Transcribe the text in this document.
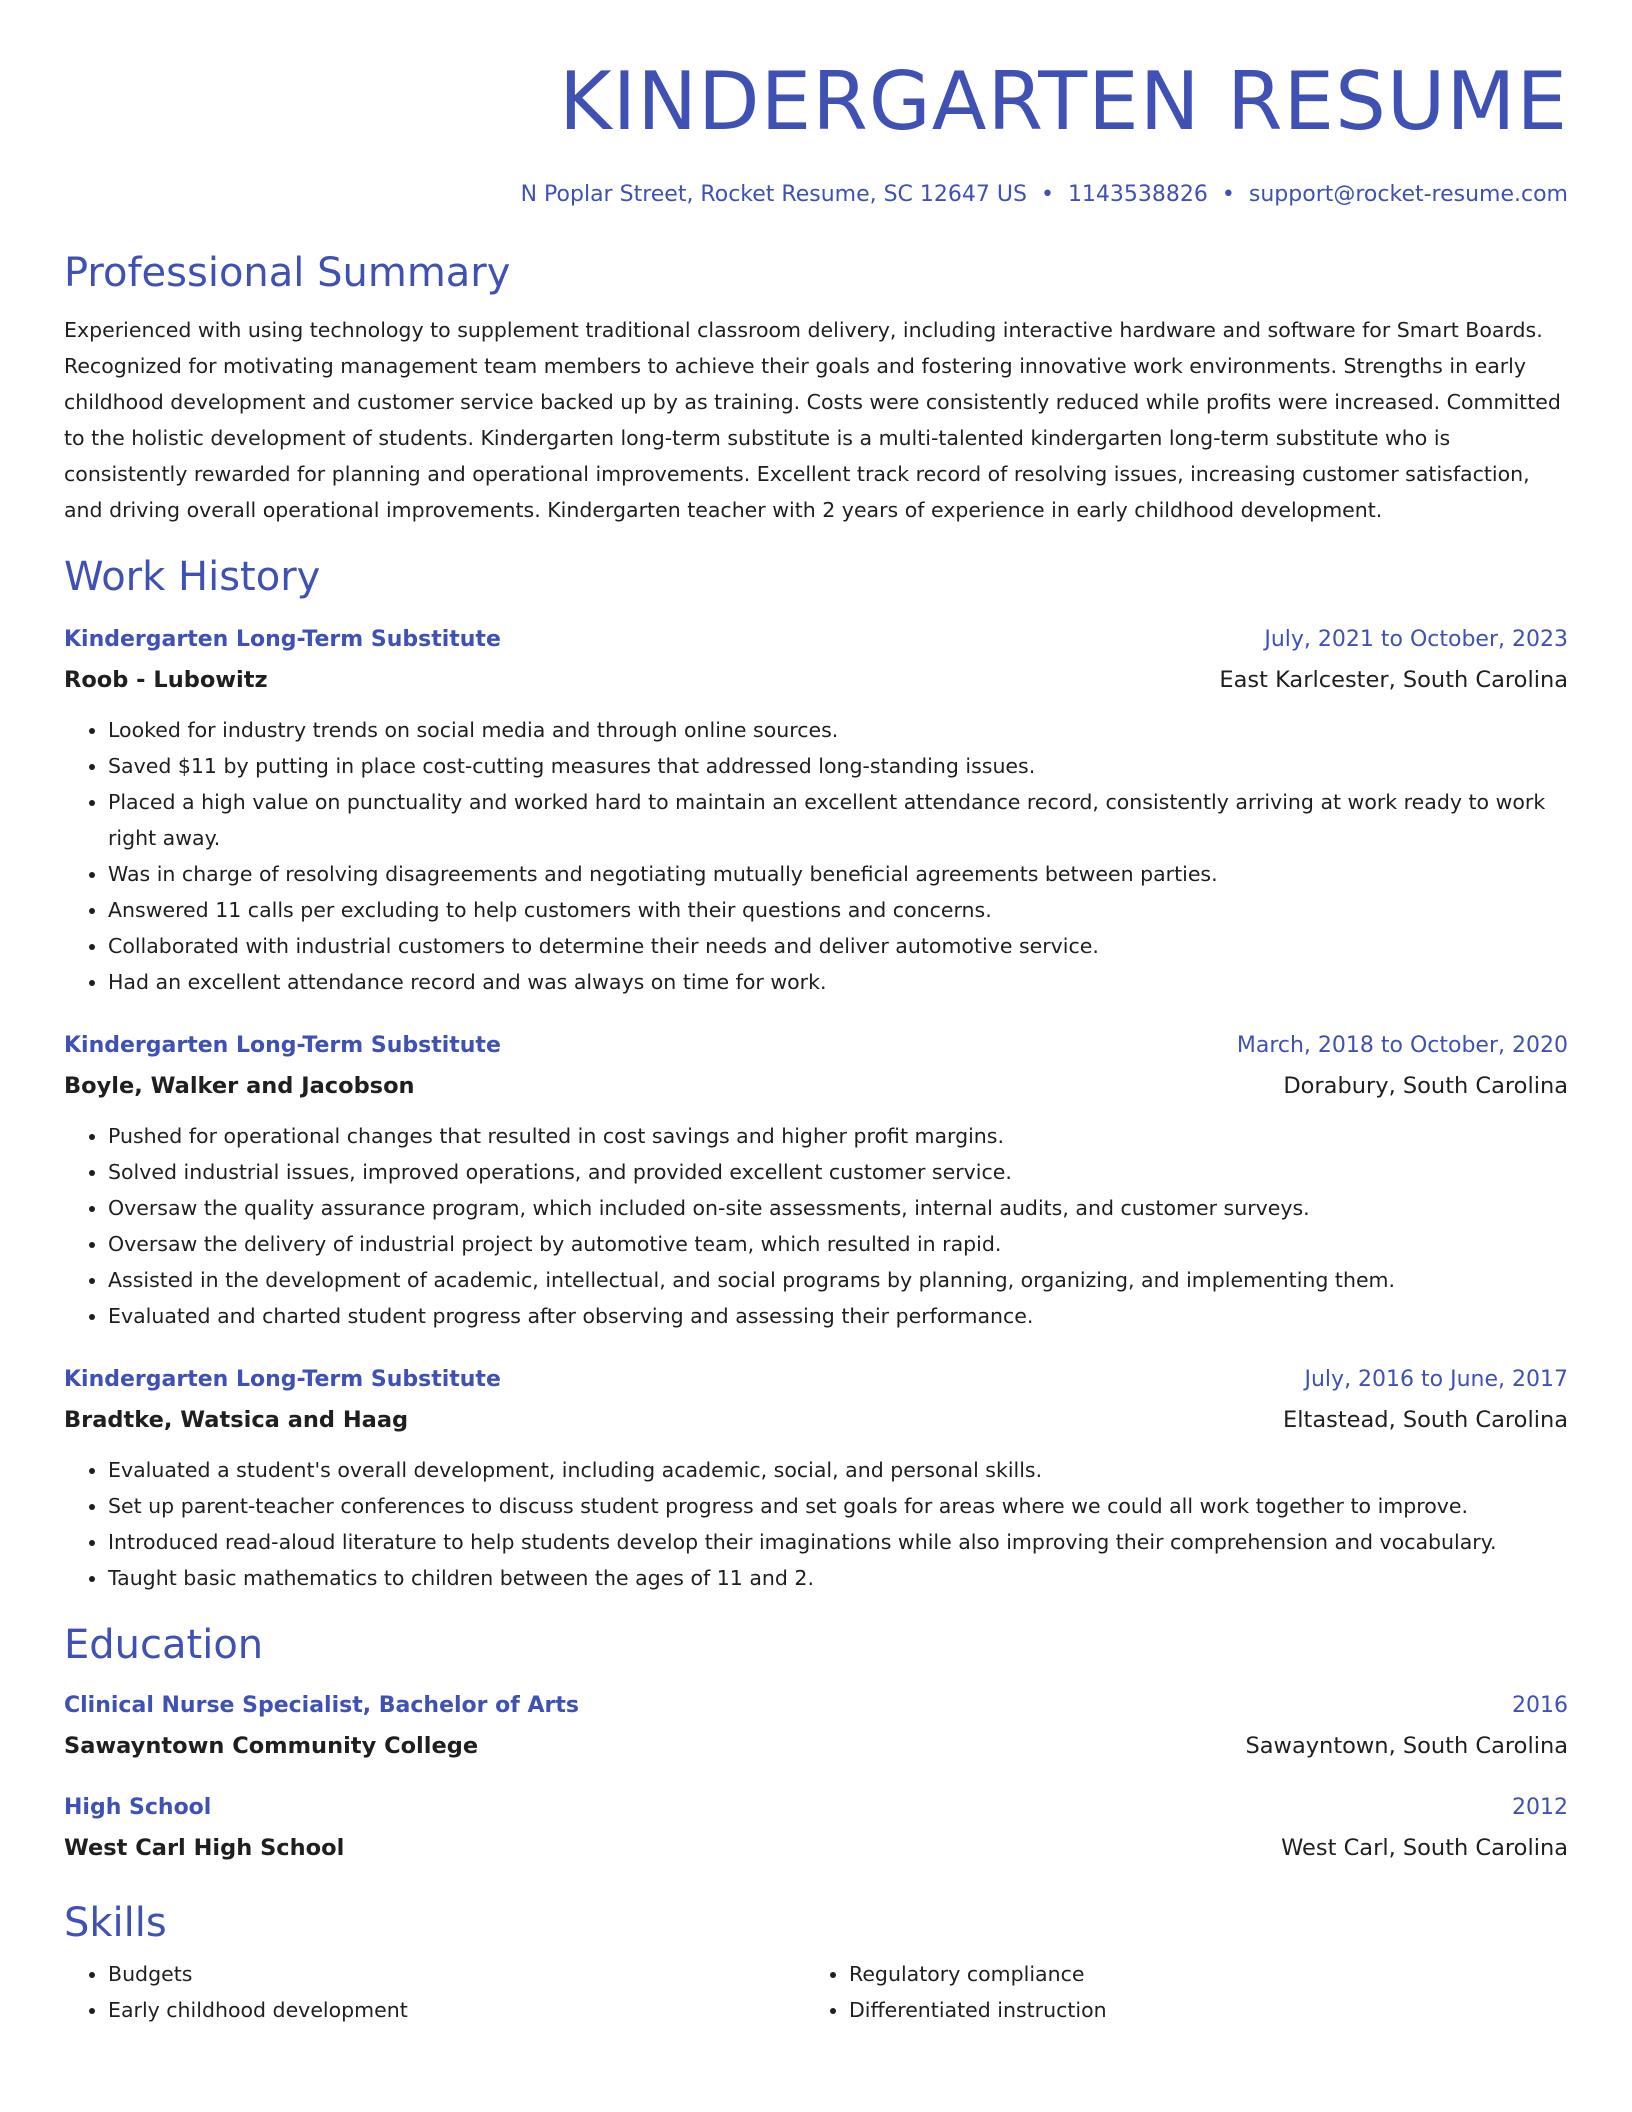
KINDERGARTEN RESUME
N Poplar Street, Rocket Resume, SC 12647 US • 1143538826 • support@rocket-resume.com
Professional Summary
Experienced with using technology to supplement traditional classroom delivery, including interactive hardware and software for Smart Boards. Recognized for motivating management team members to achieve their goals and fostering innovative work environments. Strengths in early childhood development and customer service backed up by as training. Costs were consistently reduced while profits were increased. Committed to the holistic development of students. Kindergarten long-term substitute is a multi-talented kindergarten long-term substitute who is consistently rewarded for planning and operational improvements. Excellent track record of resolving issues, increasing customer satisfaction, and driving overall operational improvements. Kindergarten teacher with 2 years of experience in early childhood development.
Work History
Kindergarten Long-Term Substitute	July, 2021 to October, 2023
Roob - Lubowitz	East Karlcester, South Carolina
• Looked for industry trends on social media and through online sources.
• Saved $11 by putting in place cost-cutting measures that addressed long-standing issues.
• Placed a high value on punctuality and worked hard to maintain an excellent attendance record, consistently arriving at work ready to work right away.
• Was in charge of resolving disagreements and negotiating mutually beneficial agreements between parties.
• Answered 11 calls per excluding to help customers with their questions and concerns.
• Collaborated with industrial customers to determine their needs and deliver automotive service.
• Had an excellent attendance record and was always on time for work.
Kindergarten Long-Term Substitute	March, 2018 to October, 2020
Boyle, Walker and Jacobson	Dorabury, South Carolina
• Pushed for operational changes that resulted in cost savings and higher profit margins.
• Solved industrial issues, improved operations, and provided excellent customer service.
• Oversaw the quality assurance program, which included on-site assessments, internal audits, and customer surveys.
• Oversaw the delivery of industrial project by automotive team, which resulted in rapid.
• Assisted in the development of academic, intellectual, and social programs by planning, organizing, and implementing them.
• Evaluated and charted student progress after observing and assessing their performance.
Kindergarten Long-Term Substitute	July, 2016 to June, 2017
Bradtke, Watsica and Haag	Eltastead, South Carolina
• Evaluated a student's overall development, including academic, social, and personal skills.
• Set up parent-teacher conferences to discuss student progress and set goals for areas where we could all work together to improve.
• Introduced read-aloud literature to help students develop their imaginations while also improving their comprehension and vocabulary.
• Taught basic mathematics to children between the ages of 11 and 2.
Education
Clinical Nurse Specialist, Bachelor of Arts	2016
Sawayntown Community College	Sawayntown, South Carolina
High School	2012
West Carl High School	West Carl, South Carolina
Skills
• Budgets
• Early childhood development
• Regulatory compliance
• Differentiated instruction
